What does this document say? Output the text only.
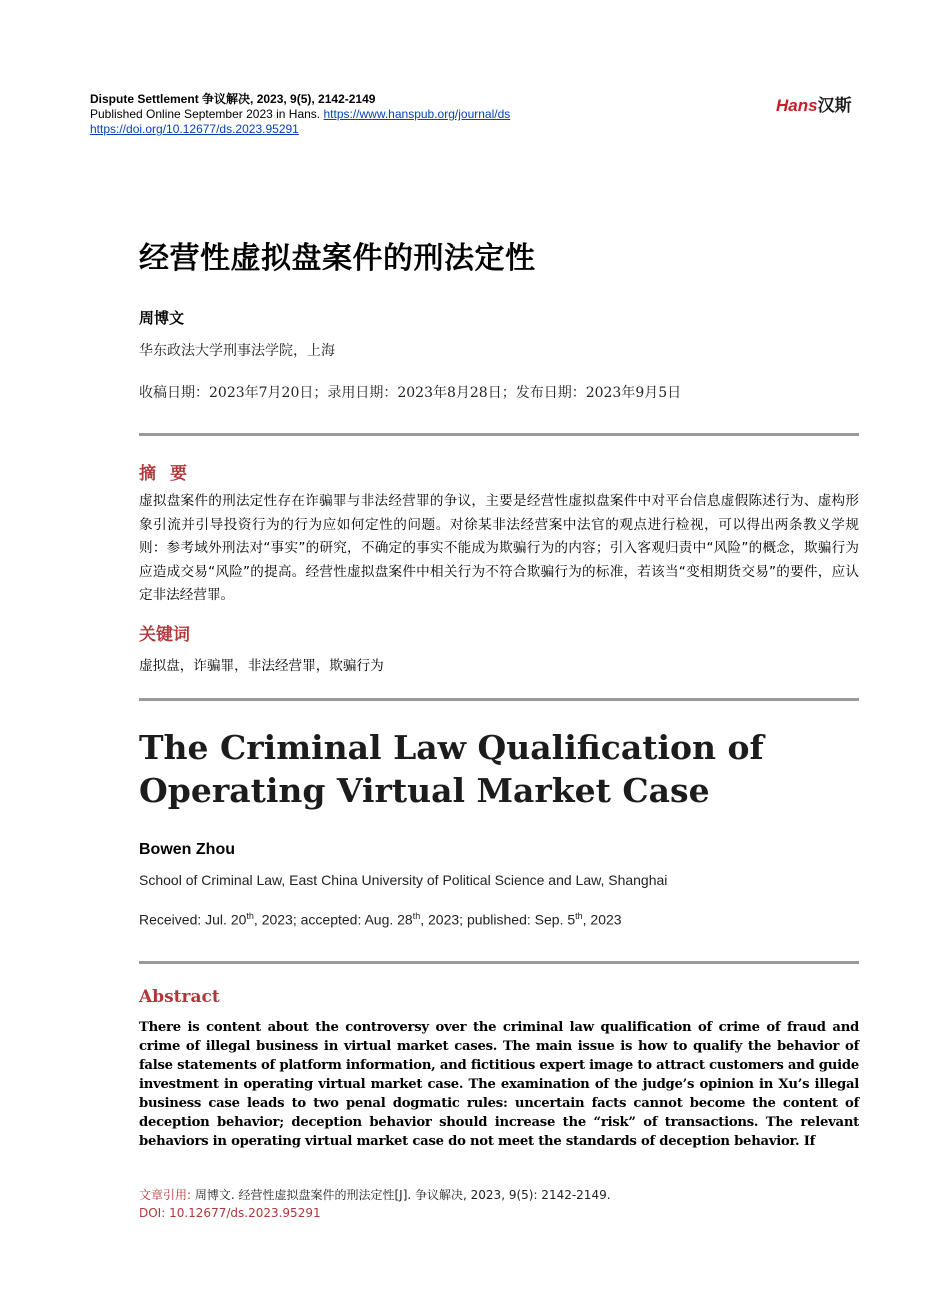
Dispute Settlement 争议解决, 2023, 9(5), 2142-2149
Published Online September 2023 in Hans. https://www.hanspub.org/journal/ds
https://doi.org/10.12677/ds.2023.95291
Hans汉斯
经营性虚拟盘案件的刑法定性
周博文
华东政法大学刑事法学院，上海
收稿日期：2023年7月20日；录用日期：2023年8月28日；发布日期：2023年9月5日
摘要
虚拟盘案件的刑法定性存在诈骗罪与非法经营罪的争议，主要是经营性虚拟盘案件中对平台信息虚假陈述行为、虚构形象引流并引导投资行为的行为应如何定性的问题。对徐某非法经营案中法官的观点进行检视，可以得出两条教义学规则：参考域外刑法对“事实”的研究，不确定的事实不能成为欺骗行为的内容；引入客观归责中“风险”的概念，欺骗行为应造成交易“风险”的提高。经营性虚拟盘案件中相关行为不符合欺骗行为的标准，若该当“变相期货交易”的要件，应认定非法经营罪。
关键词
虚拟盘，诈骗罪，非法经营罪，欺骗行为
The Criminal Law Qualification of Operating Virtual Market Case
Bowen Zhou
School of Criminal Law, East China University of Political Science and Law, Shanghai
Received: Jul. 20th, 2023; accepted: Aug. 28th, 2023; published: Sep. 5th, 2023
Abstract
There is content about the controversy over the criminal law qualification of crime of fraud and crime of illegal business in virtual market cases. The main issue is how to qualify the behavior of false statements of platform information, and fictitious expert image to attract customers and guide investment in operating virtual market case. The examination of the judge’s opinion in Xu’s illegal business case leads to two penal dogmatic rules: uncertain facts cannot become the content of deception behavior; deception behavior should increase the “risk” of transactions. The relevant behaviors in operating virtual market case do not meet the standards of deception behavior. If
文章引用: 周博文. 经营性虚拟盘案件的刑法定性[J]. 争议解决, 2023, 9(5): 2142-2149.
DOI: 10.12677/ds.2023.95291
